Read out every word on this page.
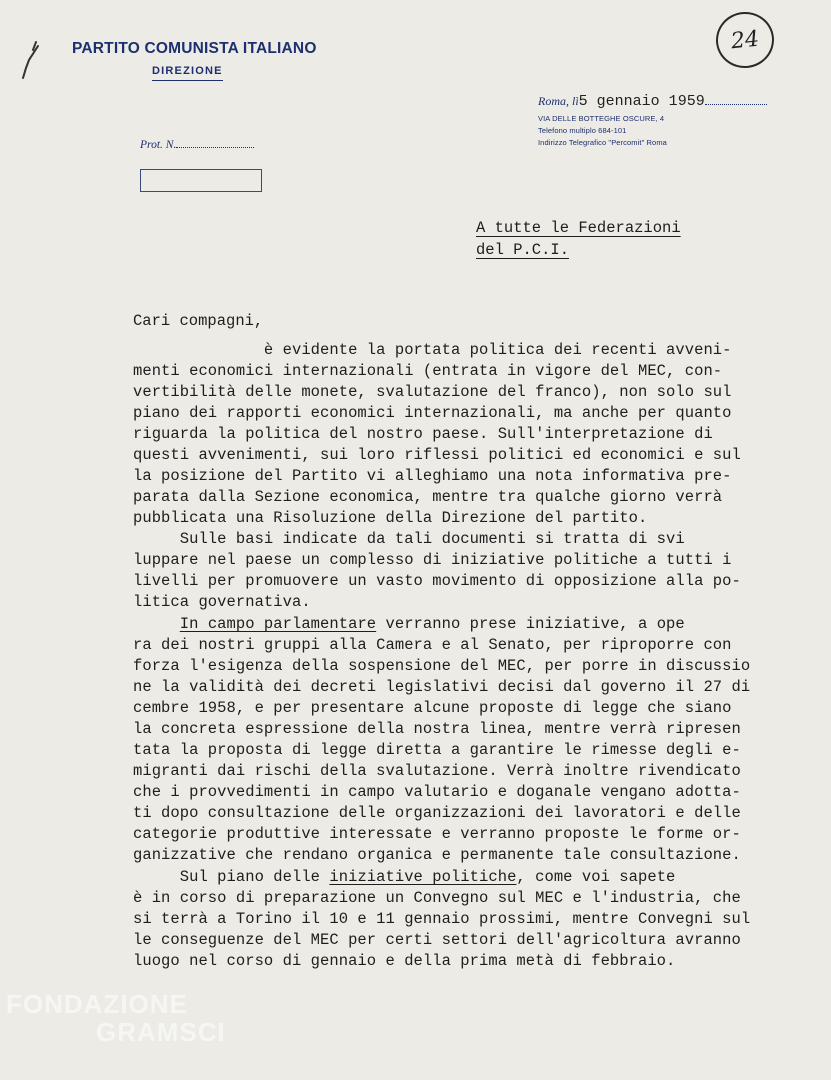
PARTITO COMUNISTA ITALIANO
DIREZIONE
24
Prot. N.
Roma, lì5 gennaio 1959
VIA DELLE BOTTEGHE OSCURE, 4
Telefono multiplo 684-101
Indirizzo Telegrafico "Percomit" Roma
A tutte le Federazioni
del P.C.I.
Cari compagni,
è evidente la portata politica dei recenti avveni-
menti economici internazionali (entrata in vigore del MEC, con-
vertibilità delle monete, svalutazione del franco), non solo sul
piano dei rapporti economici internazionali, ma anche per quanto
riguarda la politica del nostro paese. Sull'interpretazione di
questi avvenimenti, sui loro riflessi politici ed economici e sul
la posizione del Partito vi alleghiamo una nota informativa pre-
parata dalla Sezione economica, mentre tra qualche giorno verrà
pubblicata una Risoluzione della Direzione del partito.
Sulle basi indicate da tali documenti si tratta di svi
luppare nel paese un complesso di iniziative politiche a tutti i
livelli per promuovere un vasto movimento di opposizione alla po-
litica governativa.
In campo parlamentare verranno prese iniziative, a ope
ra dei nostri gruppi alla Camera e al Senato, per riproporre con
forza l'esigenza della sospensione del MEC, per porre in discussio
ne la validità dei decreti legislativi decisi dal governo il 27 di
cembre 1958, e per presentare alcune proposte di legge che siano
la concreta espressione della nostra linea, mentre verrà ripresen
tata la proposta di legge diretta a garantire le rimesse degli e-
migranti dai rischi della svalutazione. Verrà inoltre rivendicato
che i provvedimenti in campo valutario e doganale vengano adotta-
ti dopo consultazione delle organizzazioni dei lavoratori e delle
categorie produttive interessate e verranno proposte le forme or-
ganizzative che rendano organica e permanente tale consultazione.
Sul piano delle iniziative politiche, come voi sapete
è in corso di preparazione un Convegno sul MEC e l'industria, che
si terrà a Torino il 10 e 11 gennaio prossimi, mentre Convegni sul
le conseguenze del MEC per certi settori dell'agricoltura avranno
luogo nel corso di gennaio e della prima metà di febbraio.
FONDAZIONE
GRAMSCI
